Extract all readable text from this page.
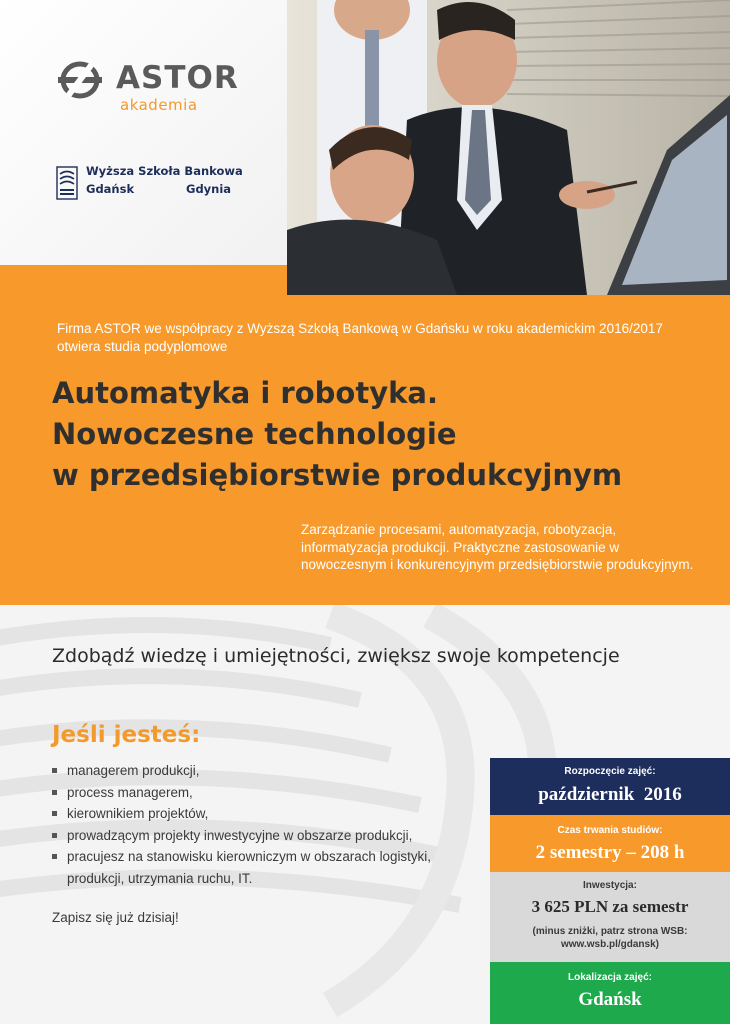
ASTOR
akademia
Wyższa Szkoła Bankowa
Gdańsk	Gdynia

Firma ASTOR we współpracy z Wyższą Szkołą Bankową w Gdańsku w roku akademickim 2016/2017 otwiera studia podyplomowe

Automatyka i robotyka.
Nowoczesne technologie
w przedsiębiorstwie produkcyjnym

Zarządzanie procesami, automatyzacja, robotyzacja, informatyzacja produkcji. Praktyczne zastosowanie w nowoczesnym i konkurencyjnym przedsiębiorstwie produkcyjnym.

Zdobądź wiedzę i umiejętności, zwiększ swoje kompetencje

Jeśli jesteś:
managerem produkcji,
process managerem,
kierownikiem projektów,
prowadzącym projekty inwestycyjne w obszarze produkcji,
pracujesz na stanowisku kierowniczym w obszarach logistyki,
produkcji, utrzymania ruchu, IT.

Zapisz się już dzisiaj!

Rozpoczęcie zajęć:
październik  2016
Czas trwania studiów:
2 semestry – 208 h
Inwestycja:
3 625 PLN za semestr
(minus zniżki, patrz strona WSB:
www.wsb.pl/gdansk)
Lokalizacja zajęć:
Gdańsk
